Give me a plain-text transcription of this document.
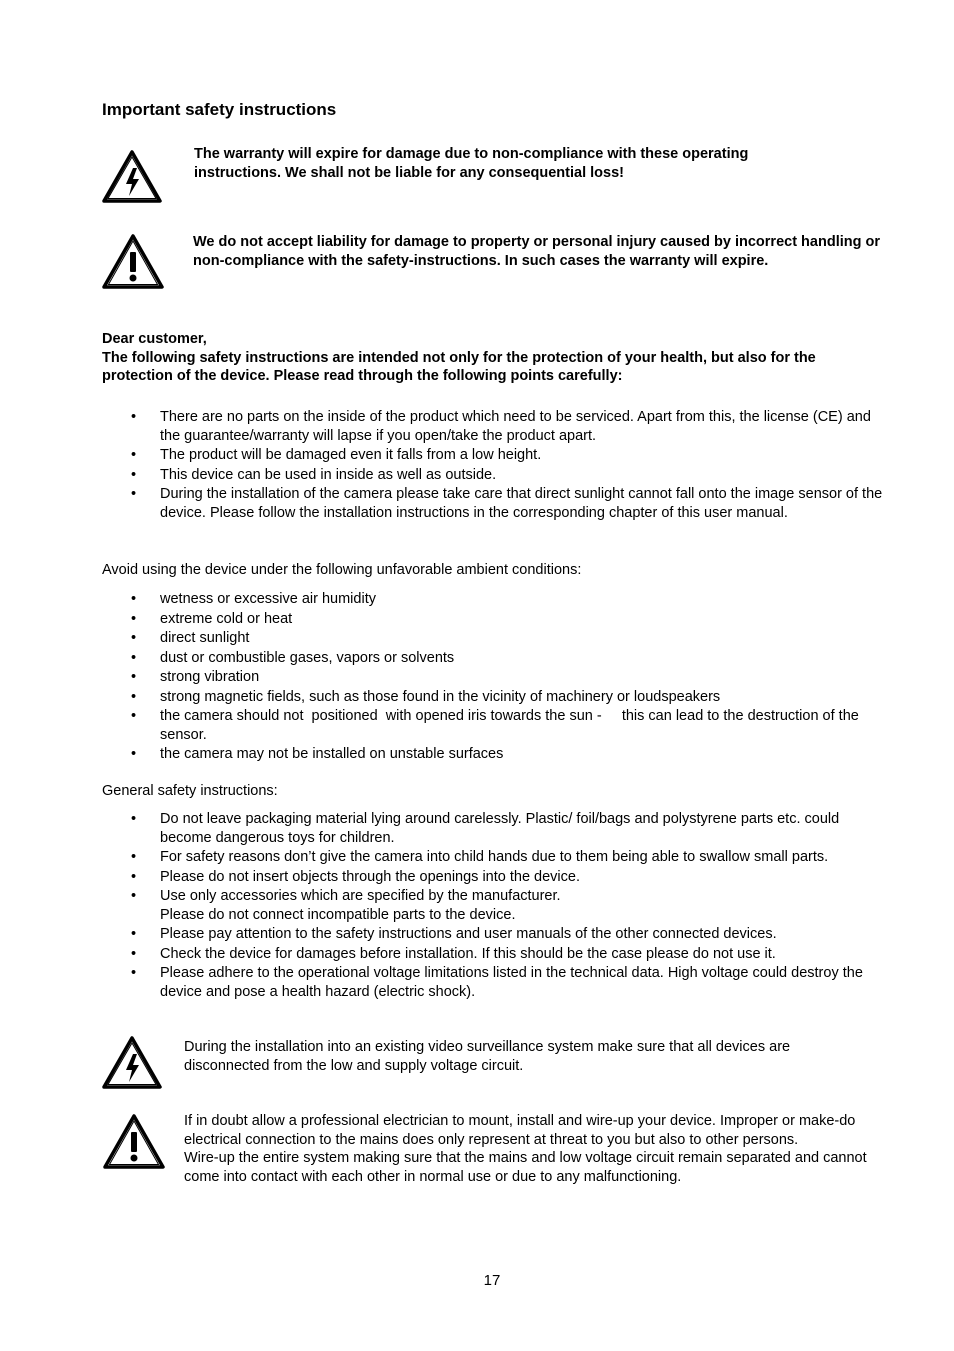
Important safety instructions
The warranty will expire for damage due to non-compliance with these operating instructions. We shall not be liable for any consequential loss!
We do not accept liability for damage to property or personal injury caused by incorrect handling or non-compliance with the safety-instructions. In such cases the warranty will expire.
Dear customer,
The following safety instructions are intended not only for the protection of your health, but also for the protection of the device. Please read through the following points carefully:
• There are no parts on the inside of the product which need to be serviced. Apart from this, the license (CE) and the guarantee/warranty will lapse if you open/take the product apart.
• The product will be damaged even it falls from a low height.
• This device can be used in inside as well as outside.
• During the installation of the camera please take care that direct sunlight cannot fall onto the image sensor of the device. Please follow the installation instructions in the corresponding chapter of this user manual.
Avoid using the device under the following unfavorable ambient conditions:
• wetness or excessive air humidity
• extreme cold or heat
• direct sunlight
• dust or combustible gases, vapors or solvents
• strong vibration
• strong magnetic fields, such as those found in the vicinity of machinery or loudspeakers
• the camera should not  positioned  with opened iris towards the sun -     this can lead to the destruction of the sensor.
• the camera may not be installed on unstable surfaces
General safety instructions:
• Do not leave packaging material lying around carelessly. Plastic/ foil/bags and polystyrene parts etc. could become dangerous toys for children.
• For safety reasons don’t give the camera into child hands due to them being able to swallow small parts.
• Please do not insert objects through the openings into the device.
• Use only accessories which are specified by the manufacturer.
Please do not connect incompatible parts to the device.
• Please pay attention to the safety instructions and user manuals of the other connected devices.
• Check the device for damages before installation. If this should be the case please do not use it.
• Please adhere to the operational voltage limitations listed in the technical data. High voltage could destroy the device and pose a health hazard (electric shock).
During the installation into an existing video surveillance system make sure that all devices are disconnected from the low and supply voltage circuit.
If in doubt allow a professional electrician to mount, install and wire-up your device. Improper or make-do electrical connection to the mains does only represent at threat to you but also to other persons.
Wire-up the entire system making sure that the mains and low voltage circuit remain separated and cannot come into contact with each other in normal use or due to any malfunctioning.
17
